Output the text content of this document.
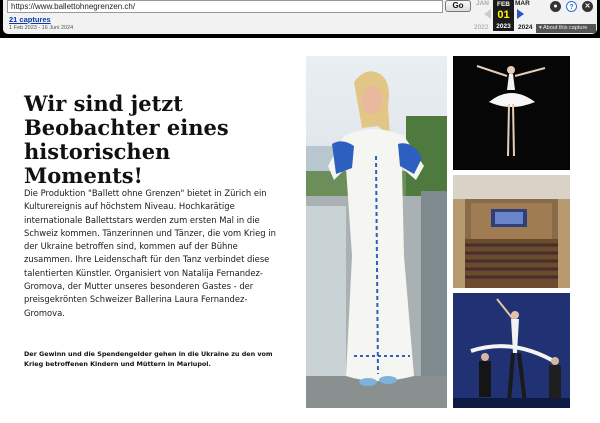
https://www.ballettohnegrenzen.ch/	Go
21 captures
1 Feb 2023 - 16 Juni 2024
JAN	FEB
01
2023
MAR
2022	2024
●	?	✕
▾ About this capture
Wir sind jetzt Beobachter eines historischen Moments!

Die Produktion "Ballett ohne Grenzen" bietet in Zürich ein Kulturereignis auf höchstem Niveau. Hochkarätige internationale Ballettstars werden zum ersten Mal in die Schweiz kommen. Tänzerinnen und Tänzer, die vom Krieg in der Ukraine betroffen sind, kommen auf der Bühne zusammen. Ihre Leidenschaft für den Tanz verbindet diese talentierten Künstler. Organisiert von Natalija Fernandez-Gromova, der Mutter unseres besonderen Gastes - der preisgekrönten Schweizer Ballerina Laura Fernandez-Gromova.

Der Gewinn und die Spendengelder gehen in die Ukraine zu den vom Krieg betroffenen Kindern und Müttern in Mariupol.
